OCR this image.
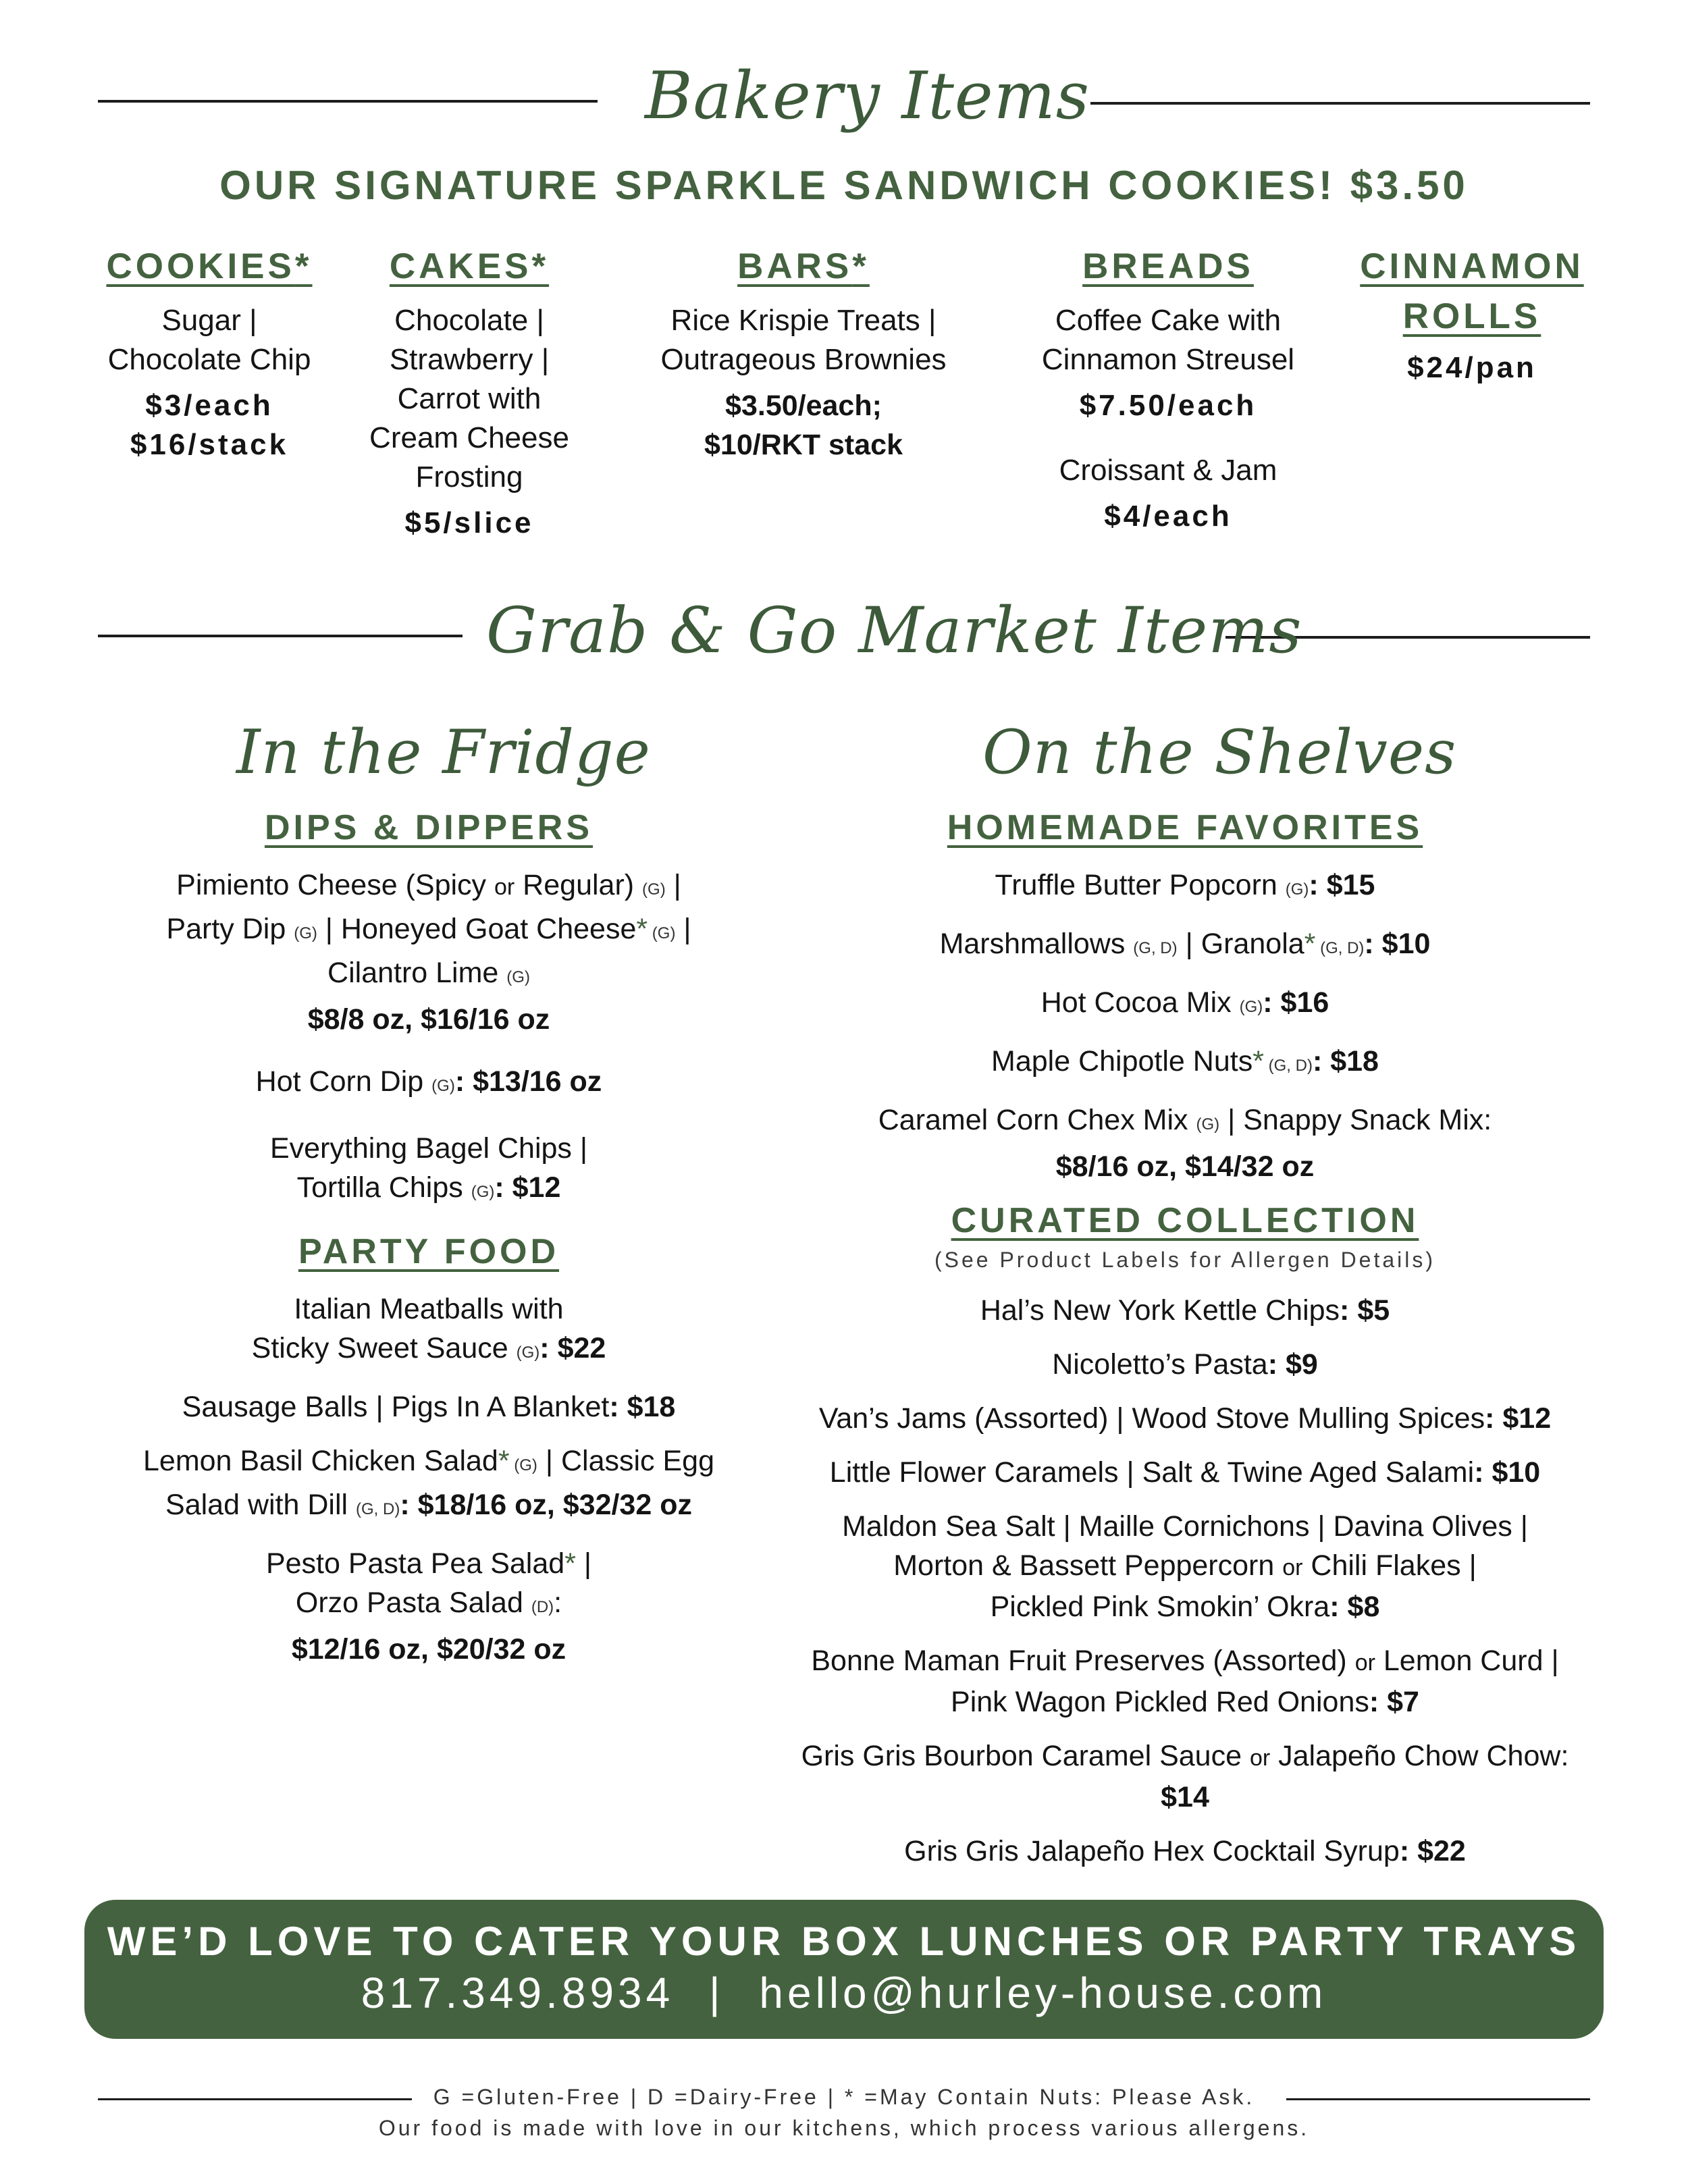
Bakery Items
OUR SIGNATURE SPARKLE SANDWICH COOKIES! $3.50
COOKIES*
Sugar |
Chocolate Chip
$3/each
$16/stack
CAKES*
Chocolate |
Strawberry |
Carrot with
Cream Cheese
Frosting
$5/slice
BARS*
Rice Krispie Treats |
Outrageous Brownies
$3.50/each;
$10/RKT stack
BREADS
Coffee Cake with
Cinnamon Streusel
$7.50/each
Croissant & Jam
$4/each
CINNAMON
ROLLS
$24/pan
Grab & Go Market Items
In the Fridge	On the Shelves
DIPS & DIPPERS
Pimiento Cheese (Spicy or Regular) (G) |
Party Dip (G) | Honeyed Goat Cheese* (G) |
Cilantro Lime (G)
$8/8 oz, $16/16 oz
Hot Corn Dip (G): $13/16 oz
Everything Bagel Chips |
Tortilla Chips (G): $12
PARTY FOOD
Italian Meatballs with
Sticky Sweet Sauce (G): $22
Sausage Balls | Pigs In A Blanket: $18
Lemon Basil Chicken Salad* (G) | Classic Egg
Salad with Dill (G, D): $18/16 oz, $32/32 oz
Pesto Pasta Pea Salad* |
Orzo Pasta Salad (D):
$12/16 oz, $20/32 oz
HOMEMADE FAVORITES
Truffle Butter Popcorn (G): $15
Marshmallows (G, D) | Granola* (G, D): $10
Hot Cocoa Mix (G): $16
Maple Chipotle Nuts* (G, D): $18
Caramel Corn Chex Mix (G) | Snappy Snack Mix:
$8/16 oz, $14/32 oz
CURATED COLLECTION
(See Product Labels for Allergen Details)
Hal’s New York Kettle Chips: $5
Nicoletto’s Pasta: $9
Van’s Jams (Assorted) | Wood Stove Mulling Spices: $12
Little Flower Caramels | Salt & Twine Aged Salami: $10
Maldon Sea Salt | Maille Cornichons | Davina Olives |
Morton & Bassett Peppercorn or Chili Flakes |
Pickled Pink Smokin’ Okra: $8
Bonne Maman Fruit Preserves (Assorted) or Lemon Curd |
Pink Wagon Pickled Red Onions: $7
Gris Gris Bourbon Caramel Sauce or Jalapeño Chow Chow:
$14
Gris Gris Jalapeño Hex Cocktail Syrup: $22
WE’D LOVE TO CATER YOUR BOX LUNCHES OR PARTY TRAYS
817.349.8934 | hello@hurley-house.com
G =Gluten-Free | D =Dairy-Free | * =May Contain Nuts: Please Ask.
Our food is made with love in our kitchens, which process various allergens.
